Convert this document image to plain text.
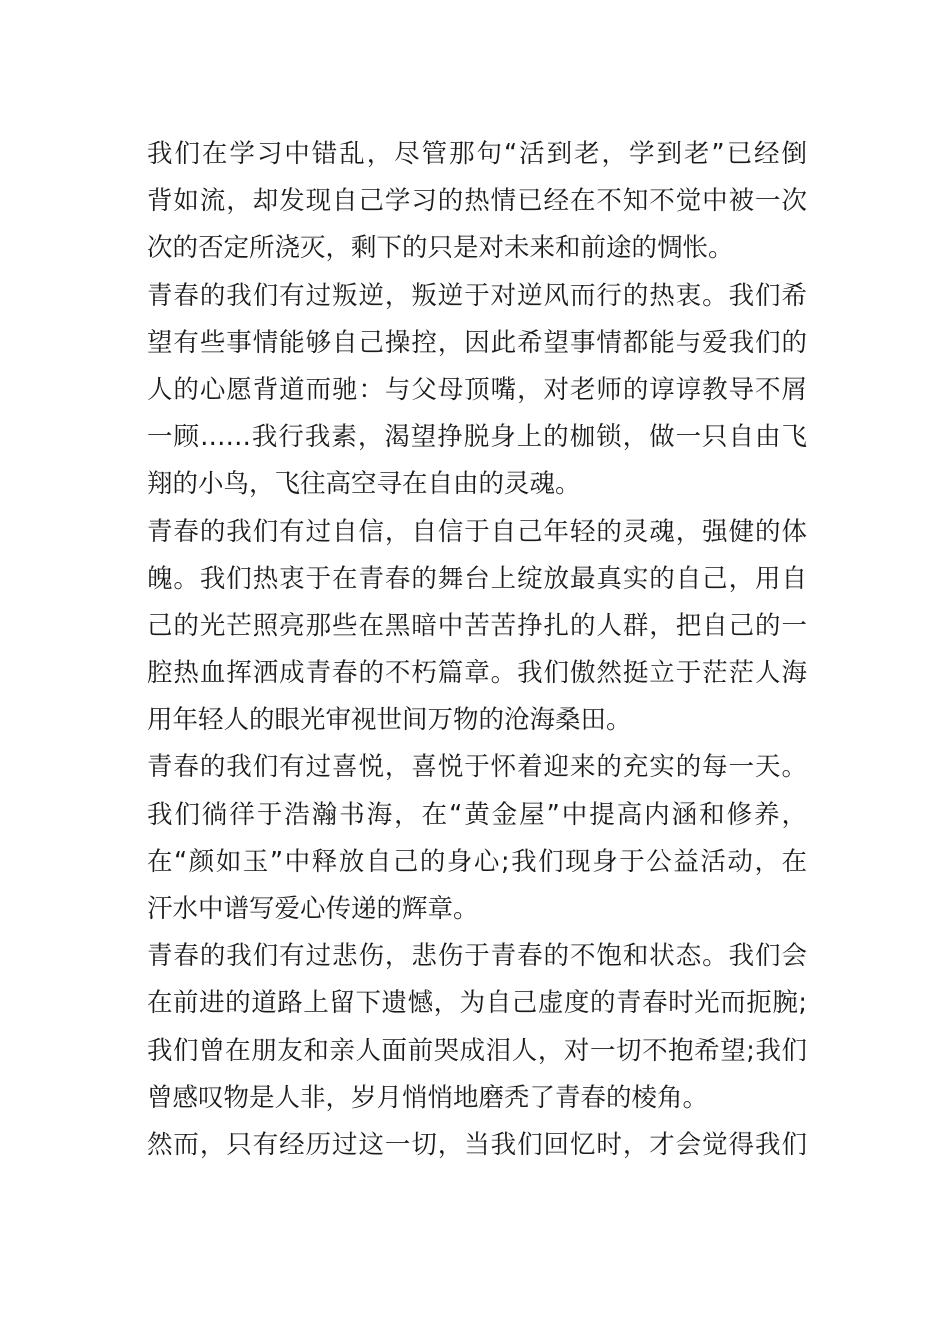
我们在学习中错乱，尽管那句“活到老，学到老”已经倒
背如流，却发现自己学习的热情已经在不知不觉中被一次
次的否定所浇灭，剩下的只是对未来和前途的惆怅。
青春的我们有过叛逆，叛逆于对逆风而行的热衷。我们希
望有些事情能够自己操控，因此希望事情都能与爱我们的
人的心愿背道而驰：与父母顶嘴，对老师的谆谆教导不屑
一顾……我行我素，渴望挣脱身上的枷锁，做一只自由飞
翔的小鸟，飞往高空寻在自由的灵魂。
青春的我们有过自信，自信于自己年轻的灵魂，强健的体
魄。我们热衷于在青春的舞台上绽放最真实的自己，用自
己的光芒照亮那些在黑暗中苦苦挣扎的人群，把自己的一
腔热血挥洒成青春的不朽篇章。我们傲然挺立于茫茫人海
用年轻人的眼光审视世间万物的沧海桑田。
青春的我们有过喜悦，喜悦于怀着迎来的充实的每一天。
我们徜徉于浩瀚书海，在“黄金屋”中提高内涵和修养，
在“颜如玉”中释放自己的身心;我们现身于公益活动，在
汗水中谱写爱心传递的辉章。
青春的我们有过悲伤，悲伤于青春的不饱和状态。我们会
在前进的道路上留下遗憾，为自己虚度的青春时光而扼腕;
我们曾在朋友和亲人面前哭成泪人，对一切不抱希望;我们
曾感叹物是人非，岁月悄悄地磨秃了青春的棱角。
然而，只有经历过这一切，当我们回忆时，才会觉得我们
